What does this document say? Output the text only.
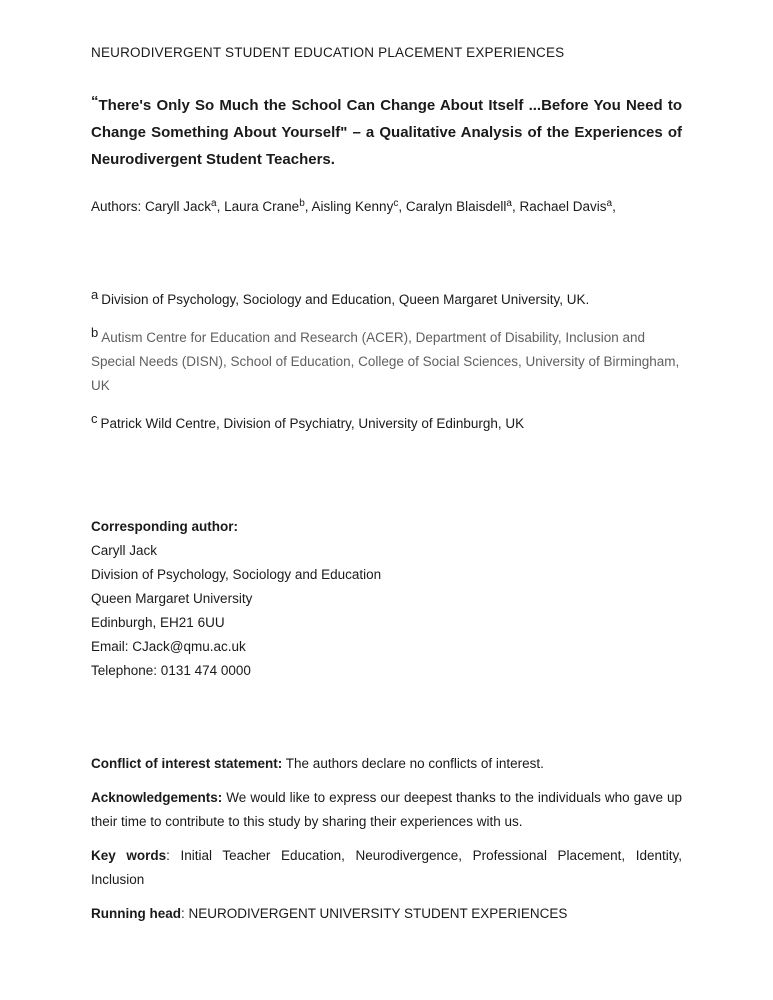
NEURODIVERGENT STUDENT EDUCATION PLACEMENT EXPERIENCES
“There's Only So Much the School Can Change About Itself ...Before You Need to Change Something About Yourself" – a Qualitative Analysis of the Experiences of Neurodivergent Student Teachers.

Authors: Caryll Jack$^a$, Laura Crane$^b$, Aisling Kenny$^c$, Caralyn Blaisdell$^a$, Rachael Davis$^a$,

$^a$ Division of Psychology, Sociology and Education, Queen Margaret University, UK.

$^b$ Autism Centre for Education and Research (ACER), Department of Disability, Inclusion and Special Needs (DISN), School of Education, College of Social Sciences, University of Birmingham, UK

$^c$ Patrick Wild Centre, Division of Psychiatry, University of Edinburgh, UK

Corresponding author:

Caryll Jack

Division of Psychology, Sociology and Education

Queen Margaret University

Edinburgh, EH21 6UU

Email: CJack@qmu.ac.uk

Telephone: 0131 474 0000

Conflict of interest statement: The authors declare no conflicts of interest.

Acknowledgements: We would like to express our deepest thanks to the individuals who gave up their time to contribute to this study by sharing their experiences with us.

Key words: Initial Teacher Education, Neurodivergence, Professional Placement, Identity, Inclusion

Running head: NEURODIVERGENT UNIVERSITY STUDENT EXPERIENCES
